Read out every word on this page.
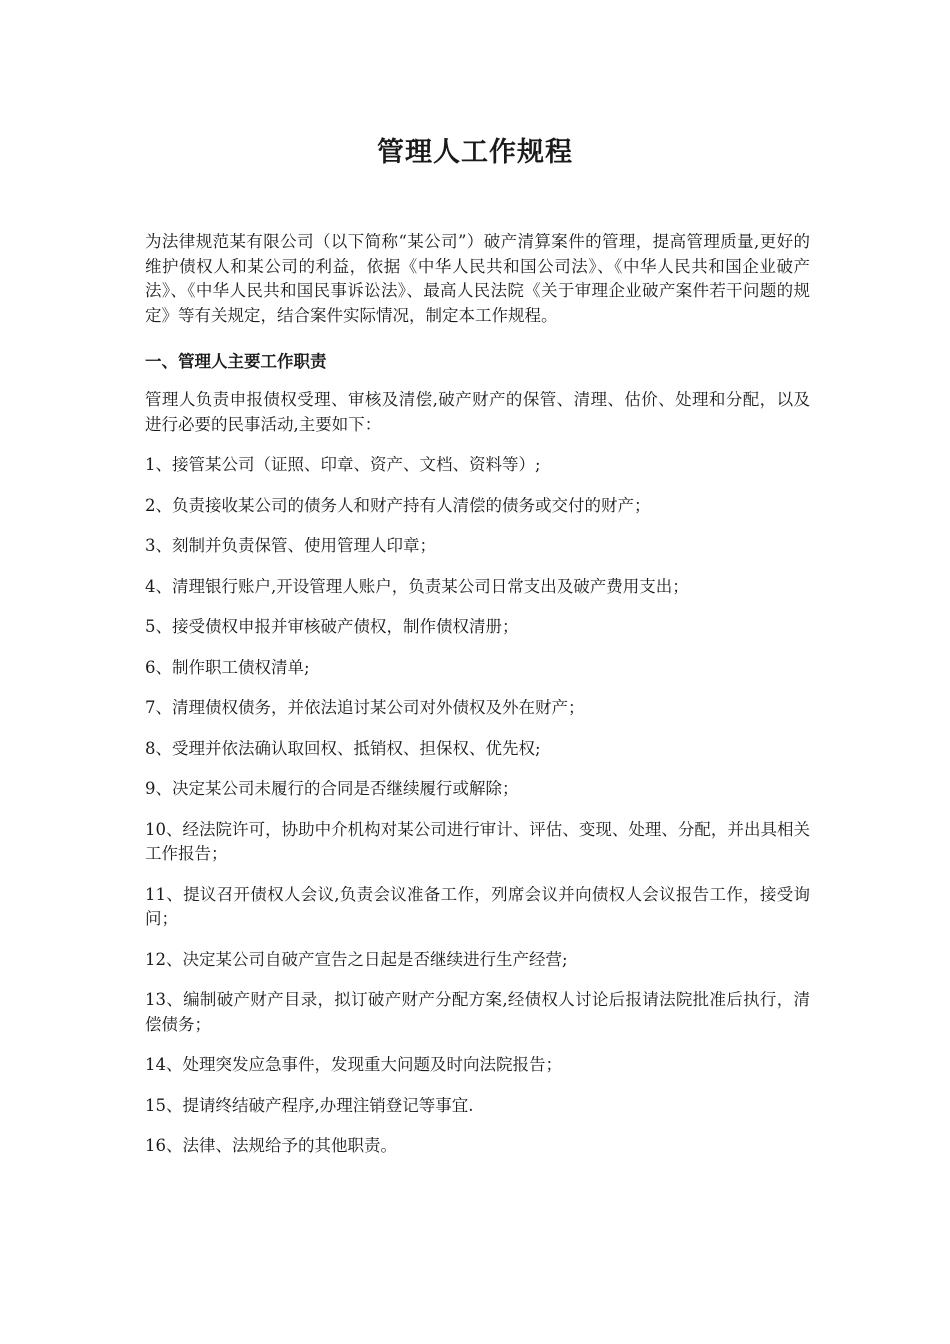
管理人工作规程

为法律规范某有限公司（以下简称“某公司”）破产清算案件的管理，提高管理质量,更好的维护债权人和某公司的利益，依据《中华人民共和国公司法》、《中华人民共和国企业破产法》、《中华人民共和国民事诉讼法》、最高人民法院《关于审理企业破产案件若干问题的规定》等有关规定，结合案件实际情况，制定本工作规程。

一、管理人主要工作职责

管理人负责申报债权受理、审核及清偿,破产财产的保管、清理、估价、处理和分配，以及进行必要的民事活动,主要如下：

1、接管某公司（证照、印章、资产、文档、资料等）;
2、负责接收某公司的债务人和财产持有人清偿的债务或交付的财产；
3、刻制并负责保管、使用管理人印章；
4、清理银行账户,开设管理人账户，负责某公司日常支出及破产费用支出；
5、接受债权申报并审核破产债权，制作债权清册；
6、制作职工债权清单;
7、清理债权债务，并依法追讨某公司对外债权及外在财产；
8、受理并依法确认取回权、抵销权、担保权、优先权;
9、决定某公司未履行的合同是否继续履行或解除；
10、经法院许可，协助中介机构对某公司进行审计、评估、变现、处理、分配，并出具相关工作报告；
11、提议召开债权人会议,负责会议准备工作，列席会议并向债权人会议报告工作，接受询问；
12、决定某公司自破产宣告之日起是否继续进行生产经营;
13、编制破产财产目录，拟订破产财产分配方案,经债权人讨论后报请法院批准后执行，清偿债务；
14、处理突发应急事件，发现重大问题及时向法院报告；
15、提请终结破产程序,办理注销登记等事宜.
16、法律、法规给予的其他职责。
